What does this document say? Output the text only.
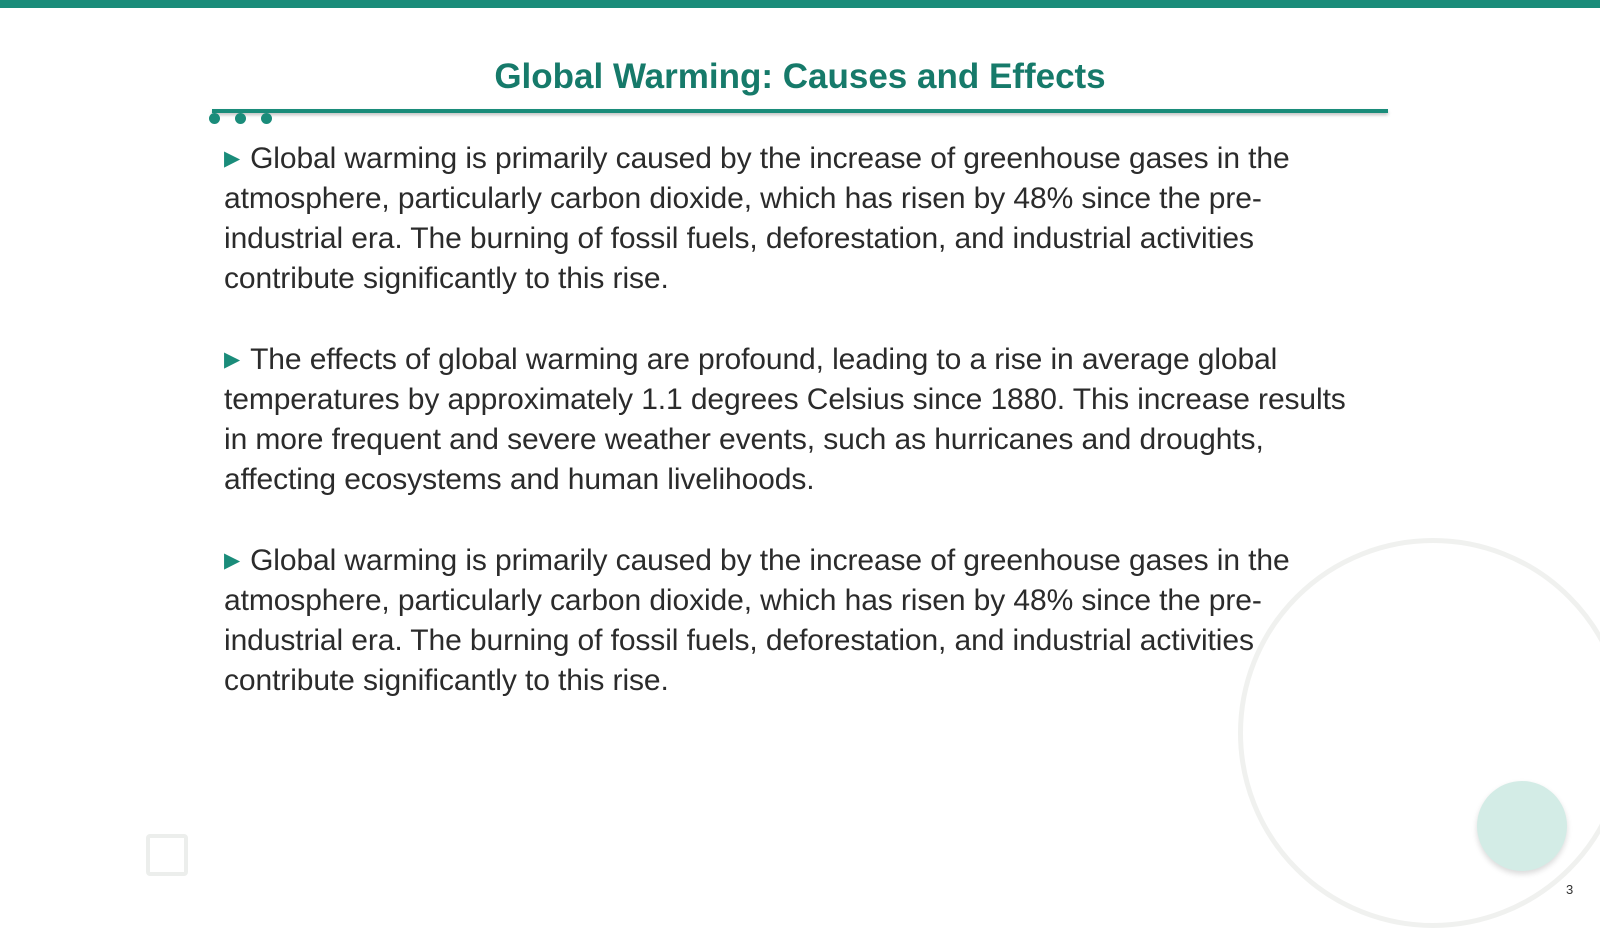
Global Warming: Causes and Effects

▶ Global warming is primarily caused by the increase of greenhouse gases in the atmosphere, particularly carbon dioxide, which has risen by 48% since the pre-industrial era. The burning of fossil fuels, deforestation, and industrial activities contribute significantly to this rise.

▶ The effects of global warming are profound, leading to a rise in average global temperatures by approximately 1.1 degrees Celsius since 1880. This increase results in more frequent and severe weather events, such as hurricanes and droughts, affecting ecosystems and human livelihoods.

▶ Global warming is primarily caused by the increase of greenhouse gases in the atmosphere, particularly carbon dioxide, which has risen by 48% since the pre-industrial era. The burning of fossil fuels, deforestation, and industrial activities contribute significantly to this rise.

3
